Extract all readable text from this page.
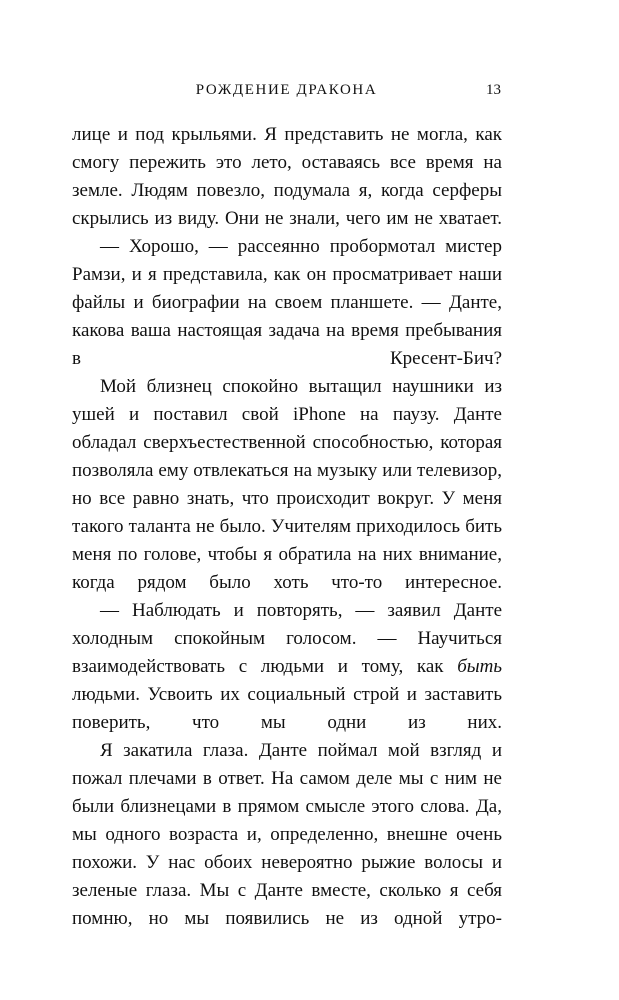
РОЖДЕНИЕ ДРАКОНА	13

лице и под крыльями. Я представить не могла, как смогу пережить это лето, оставаясь все время на земле. Людям повезло, подумала я, когда серферы скрылись из виду. Они не знали, чего им не хватает.

— Хорошо, — рассеянно пробормотал мистер Рамзи, и я представила, как он просматривает наши файлы и биографии на своем планшете. — Данте, какова ваша настоящая задача на время пребывания в Кресент-Бич?

Мой близнец спокойно вытащил наушники из ушей и поставил свой iPhone на паузу. Данте обладал сверхъестественной способностью, которая позволяла ему отвлекаться на музыку или телевизор, но все равно знать, что происходит вокруг. У меня такого таланта не было. Учителям приходилось бить меня по голове, чтобы я обратила на них внимание, когда рядом было хоть что-то интересное.

— Наблюдать и повторять, — заявил Данте холодным спокойным голосом. — Научиться взаимодействовать с людьми и тому, как быть людьми. Усвоить их социальный строй и заставить поверить, что мы одни из них.

Я закатила глаза. Данте поймал мой взгляд и пожал плечами в ответ. На самом деле мы с ним не были близнецами в прямом смысле этого слова. Да, мы одного возраста и, определенно, внешне очень похожи. У нас обоих невероятно рыжие волосы и зеленые глаза. Мы с Данте вместе, сколько я себя помню, но мы появились не из одной утро-
